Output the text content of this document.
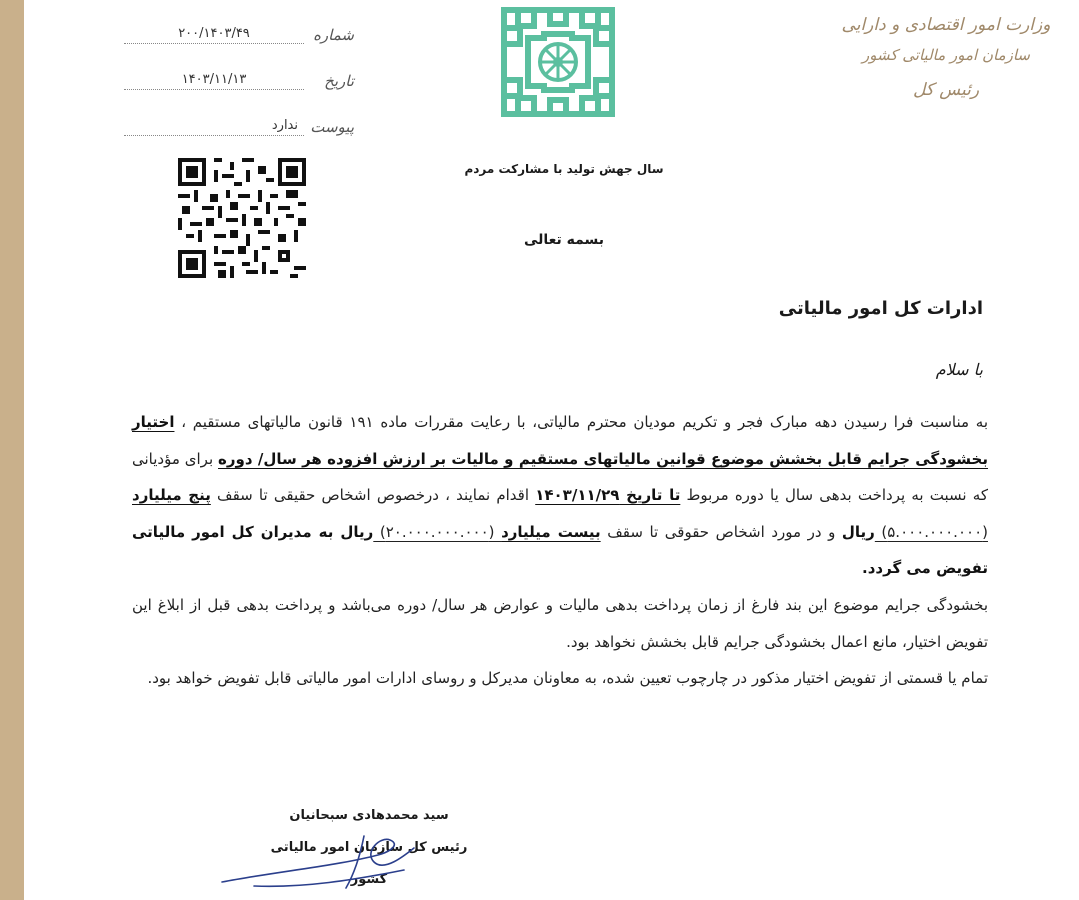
شماره
۲۰۰/۱۴۰۳/۴۹
تاریخ
۱۴۰۳/۱۱/۱۳
پیوست
ندارد
وزارت امور اقتصادی و دارایی
سازمان امور مالیاتی کشور
رئیس کل
سال جهش تولید با مشارکت مردم
بسمه تعالی
ادارات کل امور مالیاتی
با سلام

به مناسبت فرا رسیدن دهه مبارک فجر و تکریم مودیان محترم مالیاتی، با رعایت مقررات ماده ۱۹۱ قانون مالیاتهای مستقیم ، اختیار بخشودگی جرایم قابل بخشش موضوع قوانین مالیاتهای مستقیم و مالیات بر ارزش افزوده هر سال/ دوره برای مؤدیانی که نسبت به پرداخت بدهی سال یا دوره مربوط تا تاریخ ۱۴۰۳/۱۱/۲۹ اقدام نمایند ، درخصوص اشخاص حقیقی تا سقف پنج میلیارد (۵.۰۰۰.۰۰۰.۰۰۰) ریال و در مورد اشخاص حقوقی تا سقف بیست میلیارد (۲۰.۰۰۰.۰۰۰.۰۰۰) ریال به مدیران کل امور مالیاتی تفویض می گردد.

بخشودگی جرایم موضوع این بند فارغ از زمان پرداخت بدهی مالیات و عوارض هر سال/ دوره می‌باشد و پرداخت بدهی قبل از ابلاغ این تفویض اختیار، مانع اعمال بخشودگی جرایم قابل بخشش نخواهد بود.

تمام یا قسمتی از تفویض اختیار مذکور در چارچوب تعیین شده، به معاونان مدیرکل و روسای ادارات امور مالیاتی قابل تفویض خواهد بود.

سید محمدهادی سبحانیان
رئیس کل سازمان امور مالیاتی کشور
